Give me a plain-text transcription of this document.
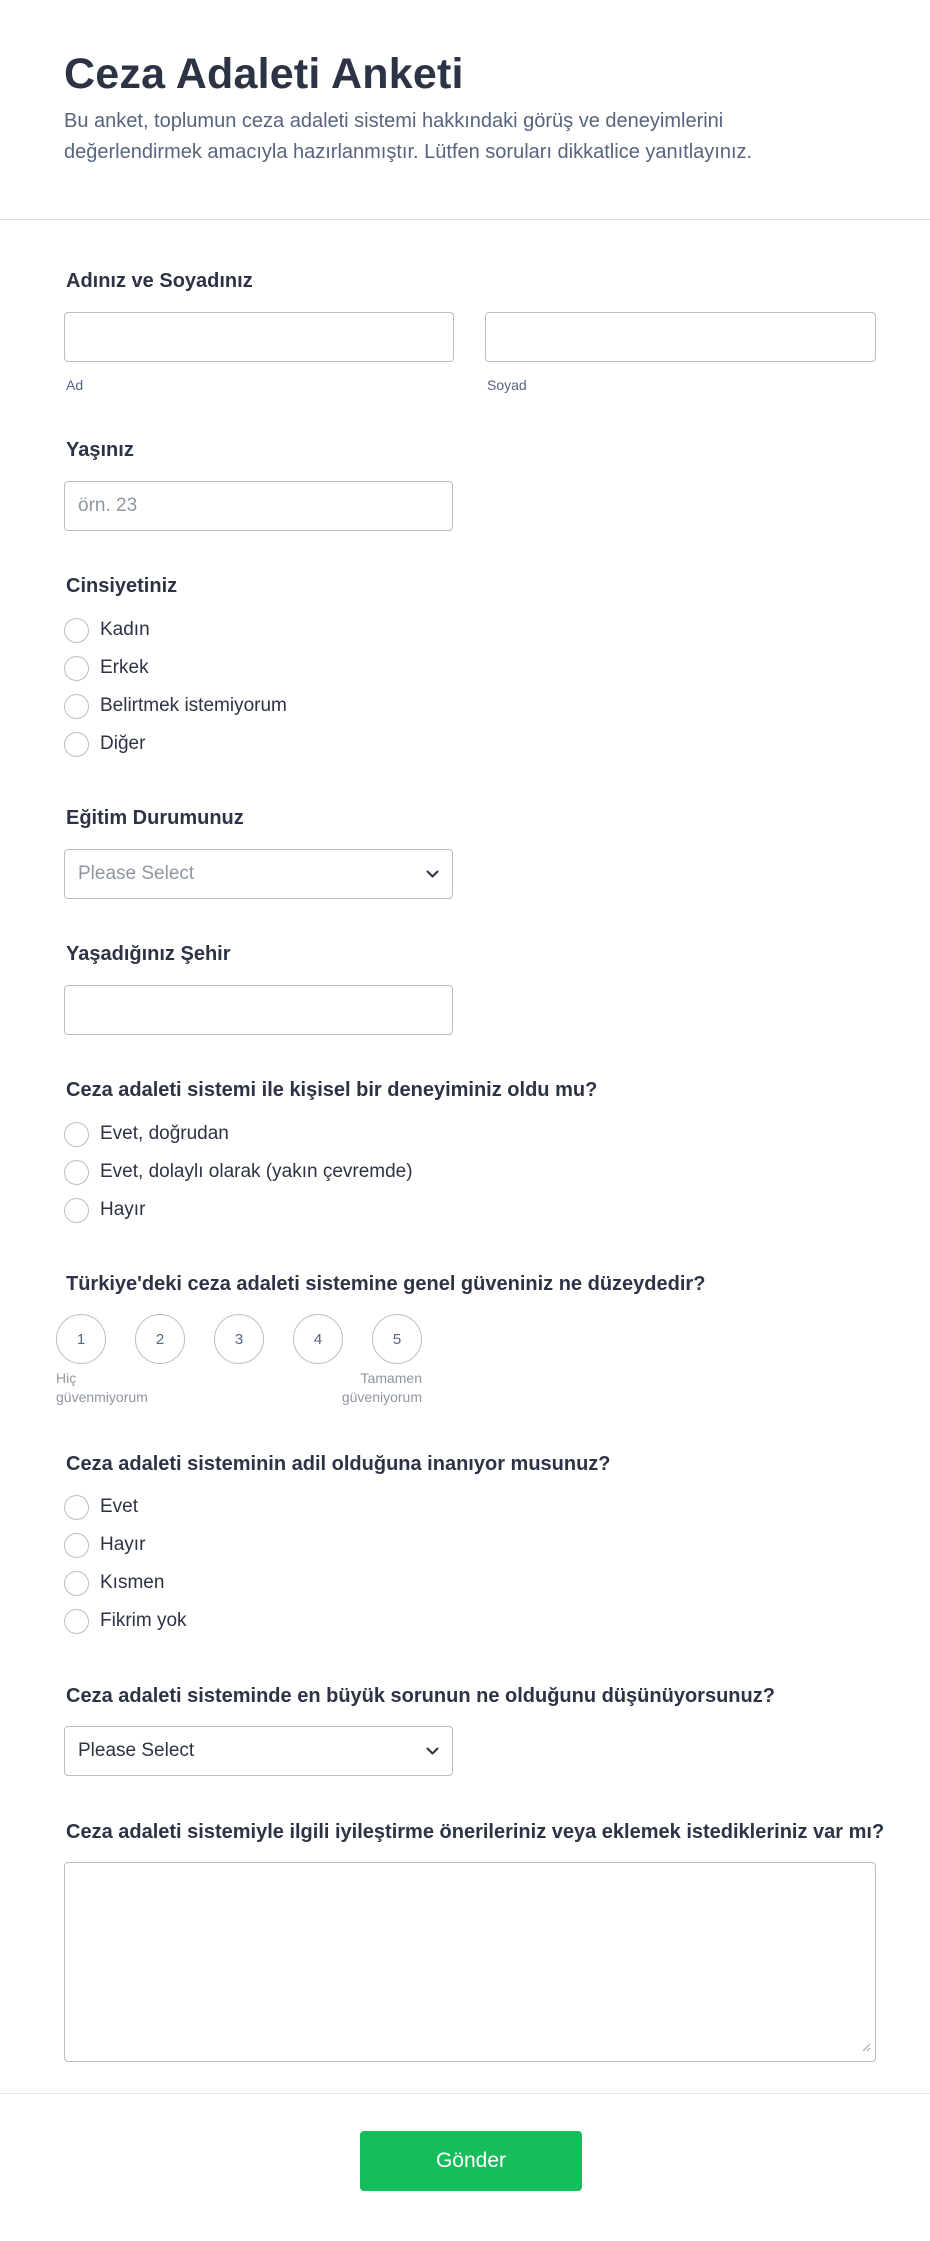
Ceza Adaleti Anketi

Bu anket, toplumun ceza adaleti sistemi hakkındaki görüş ve deneyimlerini değerlendirmek amacıyla hazırlanmıştır. Lütfen soruları dikkatlice yanıtlayınız.

Adınız ve Soyadınız
Ad	Soyad
Yaşınız
örn. 23
Cinsiyetiniz
Kadın
Erkek
Belirtmek istemiyorum
Diğer
Eğitim Durumunuz
Please Select
Yaşadığınız Şehir
Ceza adaleti sistemi ile kişisel bir deneyiminiz oldu mu?
Evet, doğrudan
Evet, dolaylı olarak (yakın çevremde)
Hayır
Türkiye'deki ceza adaleti sistemine genel güveniniz ne düzeydedir?
1	2	3	4	5
Hiç
güvenmiyorum
Tamamen
güveniyorum
Ceza adaleti sisteminin adil olduğuna inanıyor musunuz?
Evet
Hayır
Kısmen
Fikrim yok
Ceza adaleti sisteminde en büyük sorunun ne olduğunu düşünüyorsunuz?
Please Select
Ceza adaleti sistemiyle ilgili iyileştirme önerileriniz veya eklemek istedikleriniz var mı?
Gönder
